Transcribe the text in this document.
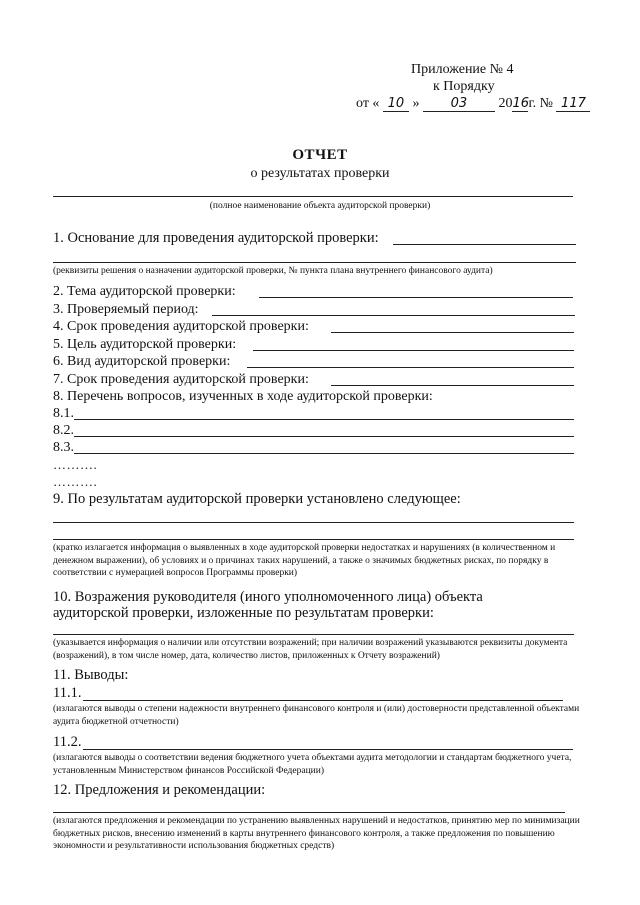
Приложение № 4
к Порядку
от « 10 » 03 2016г. № 117
ОТЧЕТ
о результатах проверки
(полное наименование объекта аудиторской проверки)
1. Основание для проведения аудиторской проверки:
(реквизиты решения о назначении аудиторской проверки, № пункта плана внутреннего финансового аудита)
2. Тема аудиторской проверки:
3. Проверяемый период:
4. Срок проведения аудиторской проверки:
5. Цель аудиторской проверки:
6. Вид аудиторской проверки:
7. Срок проведения аудиторской проверки:
8. Перечень вопросов, изученных в ходе аудиторской проверки:
8.1.
8.2.
8.3.
……….
……….
9. По результатам аудиторской проверки установлено следующее:
(кратко излагается информация о выявленных в ходе аудиторской проверки недостатках и нарушениях (в количественном и денежном выражении), об условиях и о причинах таких нарушений, а также о значимых бюджетных рисках, по порядку в соответствии с нумерацией вопросов Программы проверки)
10. Возражения руководителя (иного уполномоченного лица) объекта
аудиторской проверки, изложенные по результатам проверки:
(указывается информация о наличии или отсутствии возражений; при наличии возражений указываются реквизиты документа (возражений), в том числе номер, дата, количество листов, приложенных к Отчету возражений)
11. Выводы:
11.1.
(излагаются выводы о степени надежности внутреннего финансового контроля и (или) достоверности представленной объектами аудита бюджетной отчетности)
11.2.
(излагаются выводы о соответствии ведения бюджетного учета объектами аудита методологии и стандартам бюджетного учета, установленным Министерством финансов Российской Федерации)
12. Предложения и рекомендации:
(излагаются предложения и рекомендации по устранению выявленных нарушений и недостатков, принятию мер по минимизации бюджетных рисков, внесению изменений в карты внутреннего финансового контроля, а также предложения по повышению экономности и результативности использования бюджетных средств)
